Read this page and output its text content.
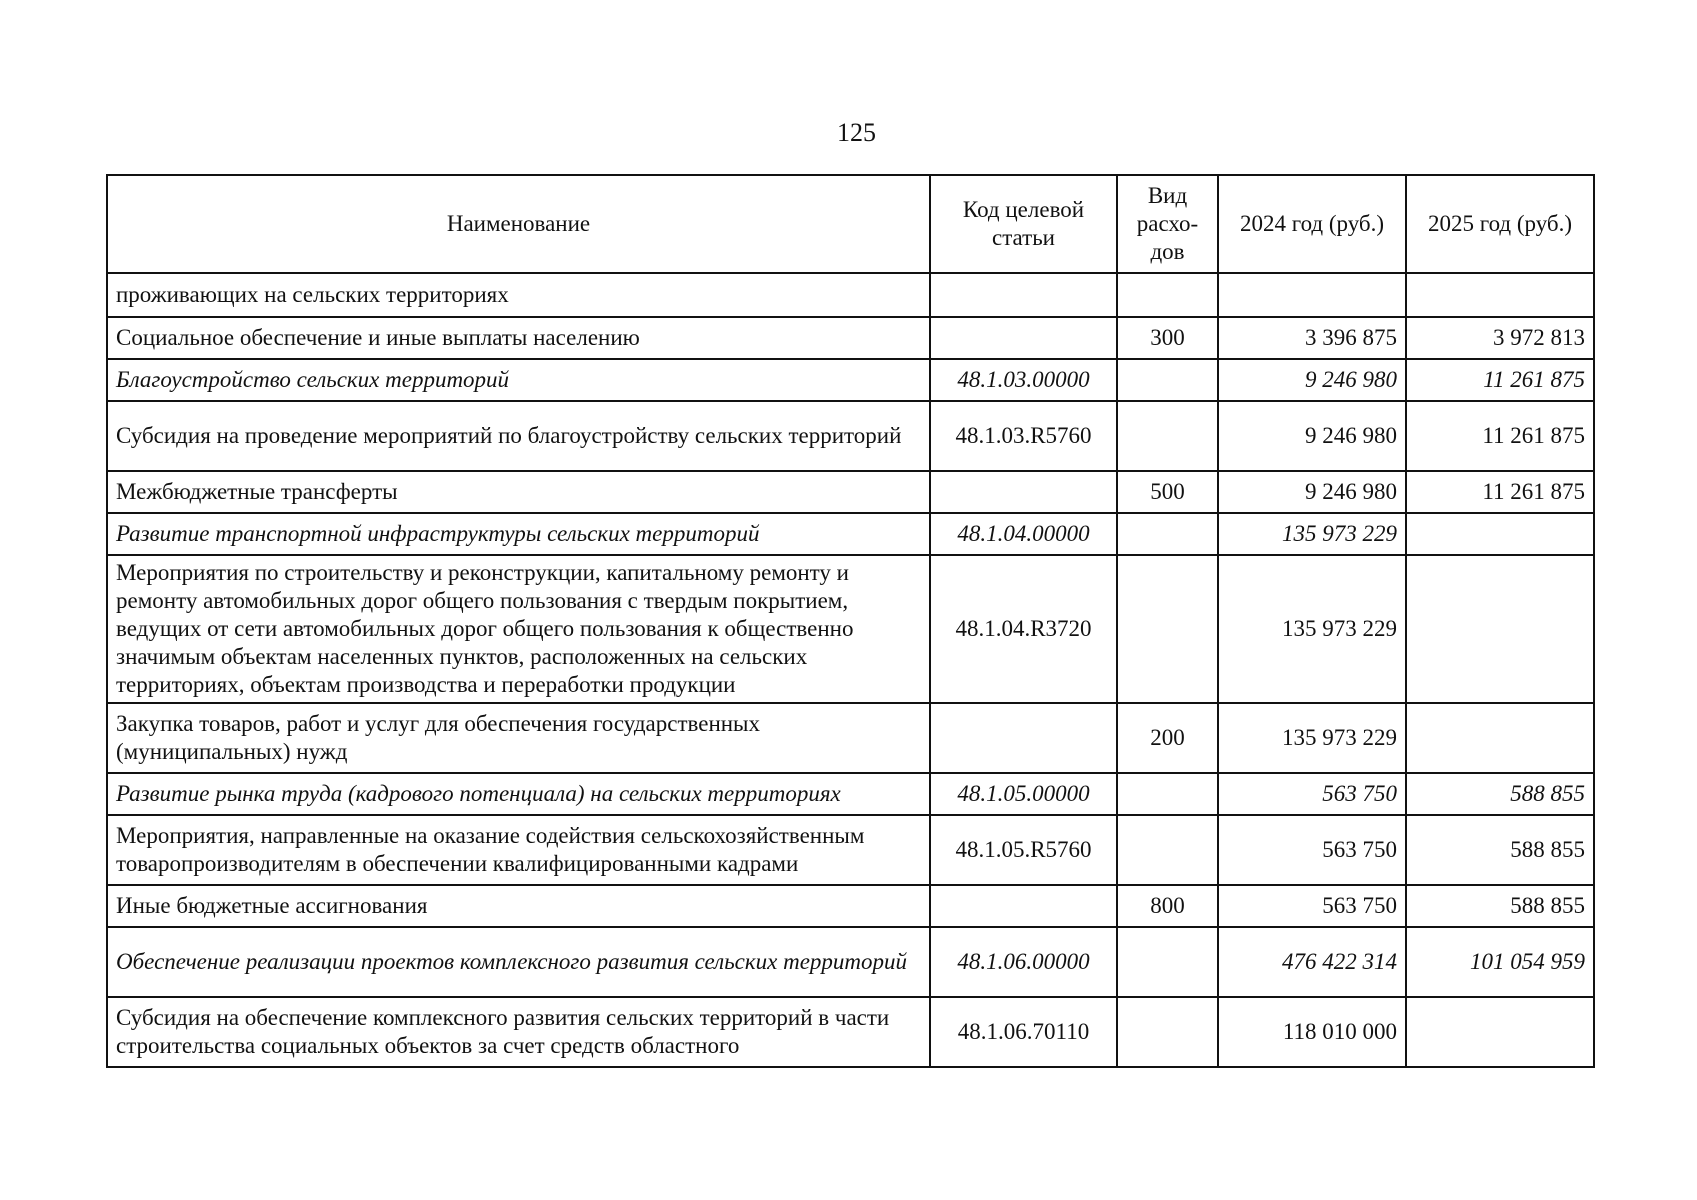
125
Наименование	Код целевой статьи	Вид расхо-дов	2024 год (руб.)	2025 год (руб.)
проживающих на сельских территориях				
Социальное обеспечение и иные выплаты населению		300	3 396 875	3 972 813
Благоустройство сельских территорий	48.1.03.00000		9 246 980	11 261 875
Субсидия на проведение мероприятий по благоустройству сельских территорий	48.1.03.R5760		9 246 980	11 261 875
Межбюджетные трансферты		500	9 246 980	11 261 875
Развитие транспортной инфраструктуры сельских территорий	48.1.04.00000		135 973 229	
Мероприятия по строительству и реконструкции, капитальному ремонту и ремонту автомобильных дорог общего пользования с твердым покрытием, ведущих от сети автомобильных дорог общего пользования к общественно значимым объектам населенных пунктов, расположенных на сельских территориях, объектам производства и переработки продукции	48.1.04.R3720		135 973 229	
Закупка товаров, работ и услуг для обеспечения государственных (муниципальных) нужд		200	135 973 229	
Развитие рынка труда (кадрового потенциала) на сельских территориях	48.1.05.00000		563 750	588 855
Мероприятия, направленные на оказание содействия сельскохозяйственным товаропроизводителям в обеспечении квалифицированными кадрами	48.1.05.R5760		563 750	588 855
Иные бюджетные ассигнования		800	563 750	588 855
Обеспечение реализации проектов комплексного развития сельских территорий	48.1.06.00000		476 422 314	101 054 959
Субсидия на обеспечение комплексного развития сельских территорий в части строительства социальных объектов за счет средств областного	48.1.06.70110		118 010 000	
